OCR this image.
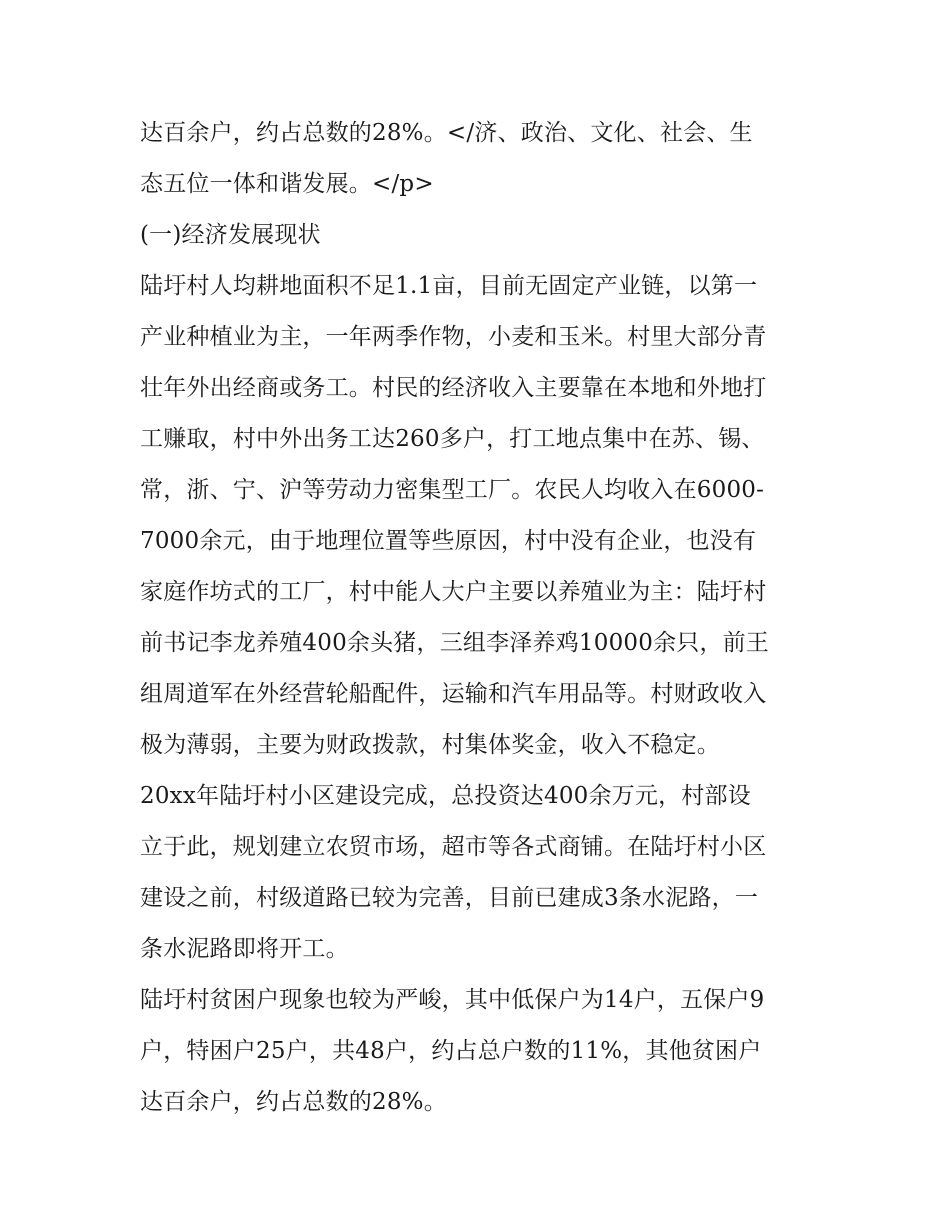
达百余户，约占总数的28%。</济、政治、文化、社会、生
态五位一体和谐发展。</p>
(一)经济发展现状
陆圩村人均耕地面积不足1.1亩，目前无固定产业链，以第一
产业种植业为主，一年两季作物，小麦和玉米。村里大部分青
壮年外出经商或务工。村民的经济收入主要靠在本地和外地打
工赚取，村中外出务工达260多户，打工地点集中在苏、锡、
常，浙、宁、沪等劳动力密集型工厂。农民人均收入在6000-
7000余元，由于地理位置等些原因，村中没有企业，也没有
家庭作坊式的工厂，村中能人大户主要以养殖业为主：陆圩村
前书记李龙养殖400余头猪，三组李泽养鸡10000余只，前王
组周道军在外经营轮船配件，运输和汽车用品等。村财政收入
极为薄弱，主要为财政拨款，村集体奖金，收入不稳定。
20xx年陆圩村小区建设完成，总投资达400余万元，村部设
立于此，规划建立农贸市场，超市等各式商铺。在陆圩村小区
建设之前，村级道路已较为完善，目前已建成3条水泥路，一
条水泥路即将开工。
陆圩村贫困户现象也较为严峻，其中低保户为14户，五保户9
户，特困户25户，共48户，约占总户数的11%，其他贫困户
达百余户，约占总数的28%。
